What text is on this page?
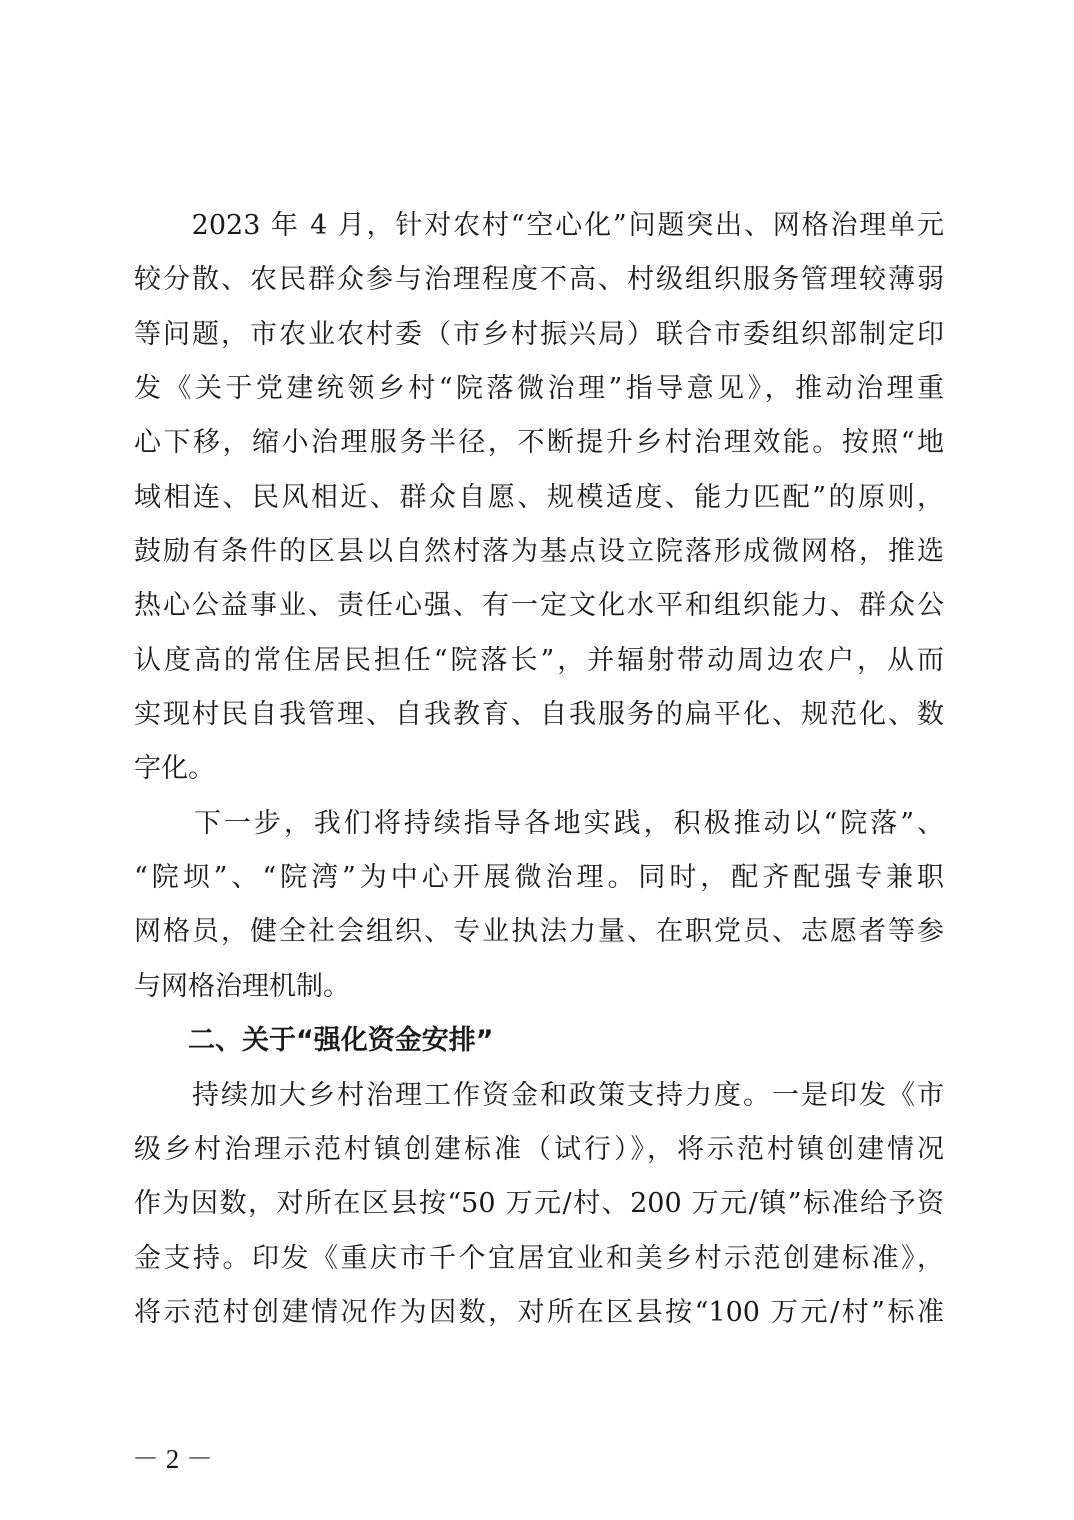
　　2023 年 4 月，针对农村“空心化”问题突出、网格治理单元
较分散、农民群众参与治理程度不高、村级组织服务管理较薄弱
等问题，市农业农村委（市乡村振兴局）联合市委组织部制定印
发《关于党建统领乡村“院落微治理”指导意见》，推动治理重
心下移，缩小治理服务半径，不断提升乡村治理效能。按照“地
域相连、民风相近、群众自愿、规模适度、能力匹配”的原则，
鼓励有条件的区县以自然村落为基点设立院落形成微网格，推选
热心公益事业、责任心强、有一定文化水平和组织能力、群众公
认度高的常住居民担任“院落长”，并辐射带动周边农户，从而
实现村民自我管理、自我教育、自我服务的扁平化、规范化、数
字化。
　　下一步，我们将持续指导各地实践，积极推动以“院落”、
“院坝”、“院湾”为中心开展微治理。同时，配齐配强专兼职
网格员，健全社会组织、专业执法力量、在职党员、志愿者等参
与网格治理机制。
　　二、关于“强化资金安排”
　　持续加大乡村治理工作资金和政策支持力度。一是印发《市
级乡村治理示范村镇创建标准（试行）》，将示范村镇创建情况
作为因数，对所在区县按“50 万元/村、200 万元/镇”标准给予资
金支持。印发《重庆市千个宜居宜业和美乡村示范创建标准》，
将示范村创建情况作为因数，对所在区县按“100 万元/村”标准
－ 2 －
